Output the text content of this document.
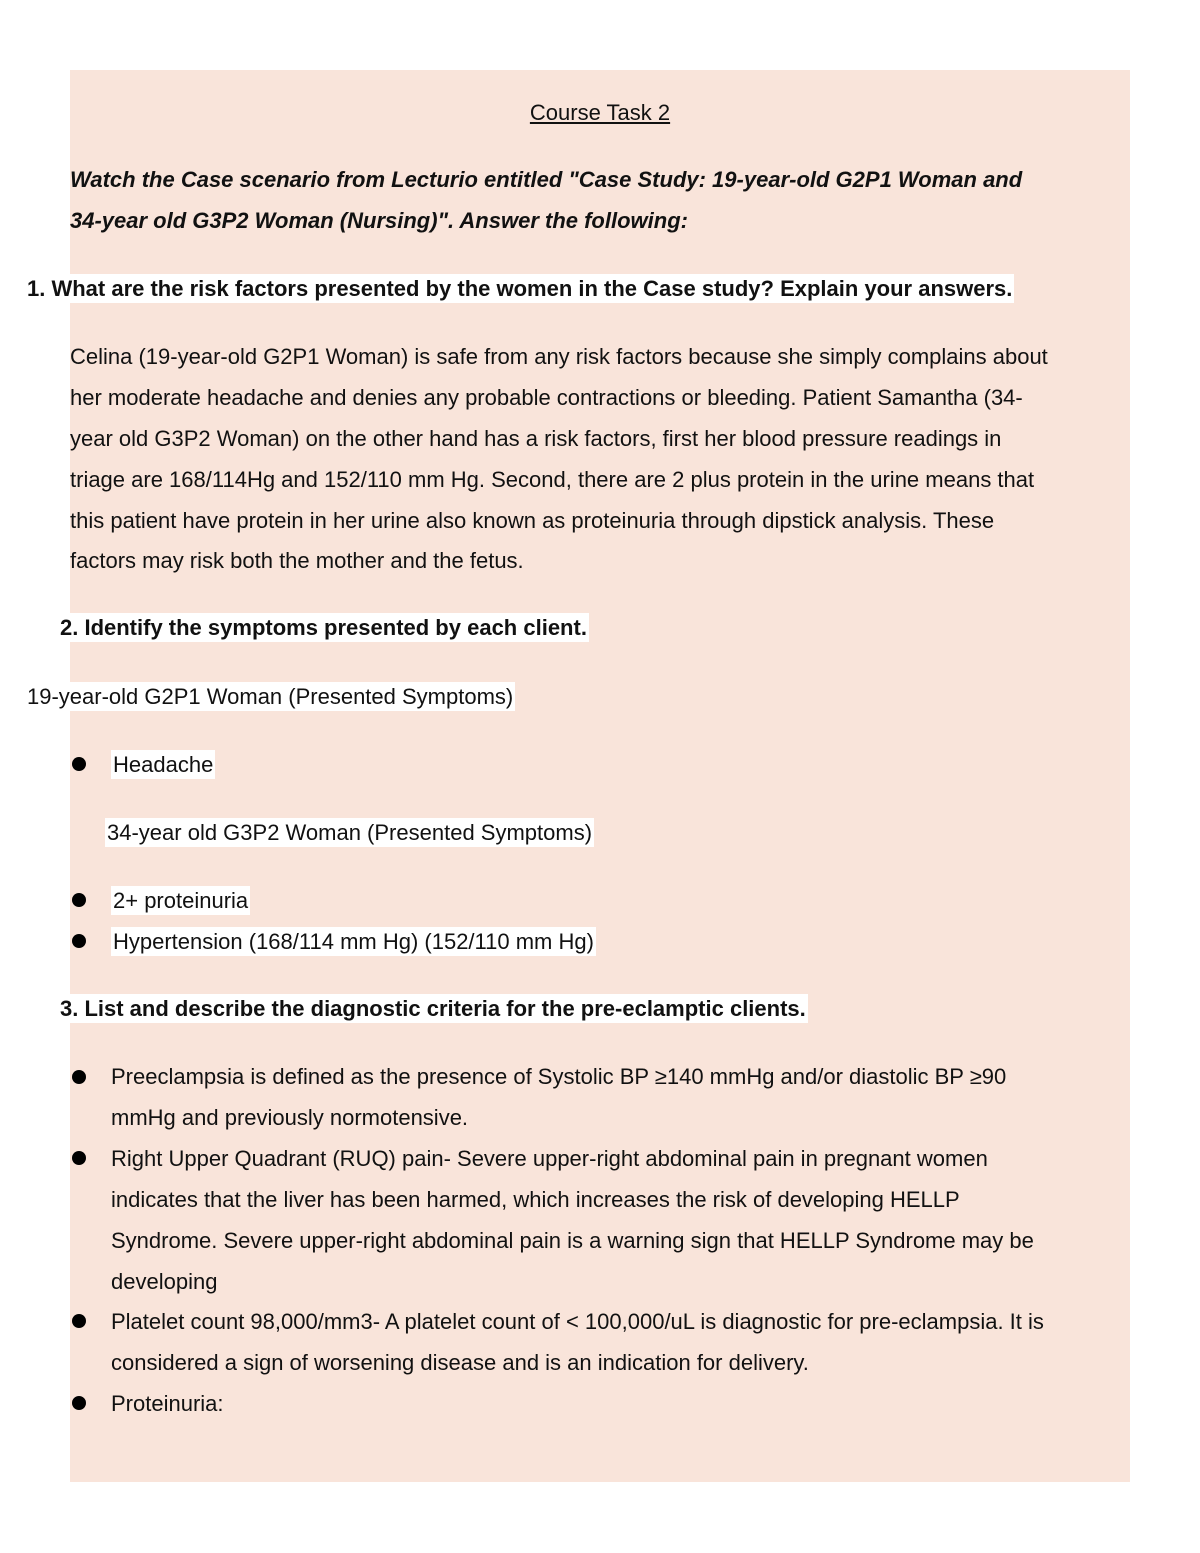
Course Task 2
Watch the Case scenario from Lecturio entitled "Case Study: 19-year-old G2P1 Woman and
34-year old G3P2 Woman (Nursing)". Answer the following:
1. What are the risk factors presented by the women in the Case study? Explain your answers.
Celina (19-year-old G2P1 Woman) is safe from any risk factors because she simply complains about
her moderate headache and denies any probable contractions or bleeding. Patient Samantha (34-
year old G3P2 Woman) on the other hand has a risk factors, first her blood pressure readings in
triage are 168/114Hg and 152/110 mm Hg. Second, there are 2 plus protein in the urine means that
this patient have protein in her urine also known as proteinuria through dipstick analysis. These
factors may risk both the mother and the fetus.
2. Identify the symptoms presented by each client.
19-year-old G2P1 Woman (Presented Symptoms)
Headache
34-year old G3P2 Woman (Presented Symptoms)
2+ proteinuria
Hypertension (168/114 mm Hg) (152/110 mm Hg)
3. List and describe the diagnostic criteria for the pre-eclamptic clients.
Preeclampsia is defined as the presence of Systolic BP ≥140 mmHg and/or diastolic BP ≥90
mmHg and previously normotensive.
Right Upper Quadrant (RUQ) pain- Severe upper-right abdominal pain in pregnant women
indicates that the liver has been harmed, which increases the risk of developing HELLP
Syndrome. Severe upper-right abdominal pain is a warning sign that HELLP Syndrome may be
developing
Platelet count 98,000/mm3- A platelet count of < 100,000/uL is diagnostic for pre-eclampsia. It is
considered a sign of worsening disease and is an indication for delivery.
Proteinuria:
